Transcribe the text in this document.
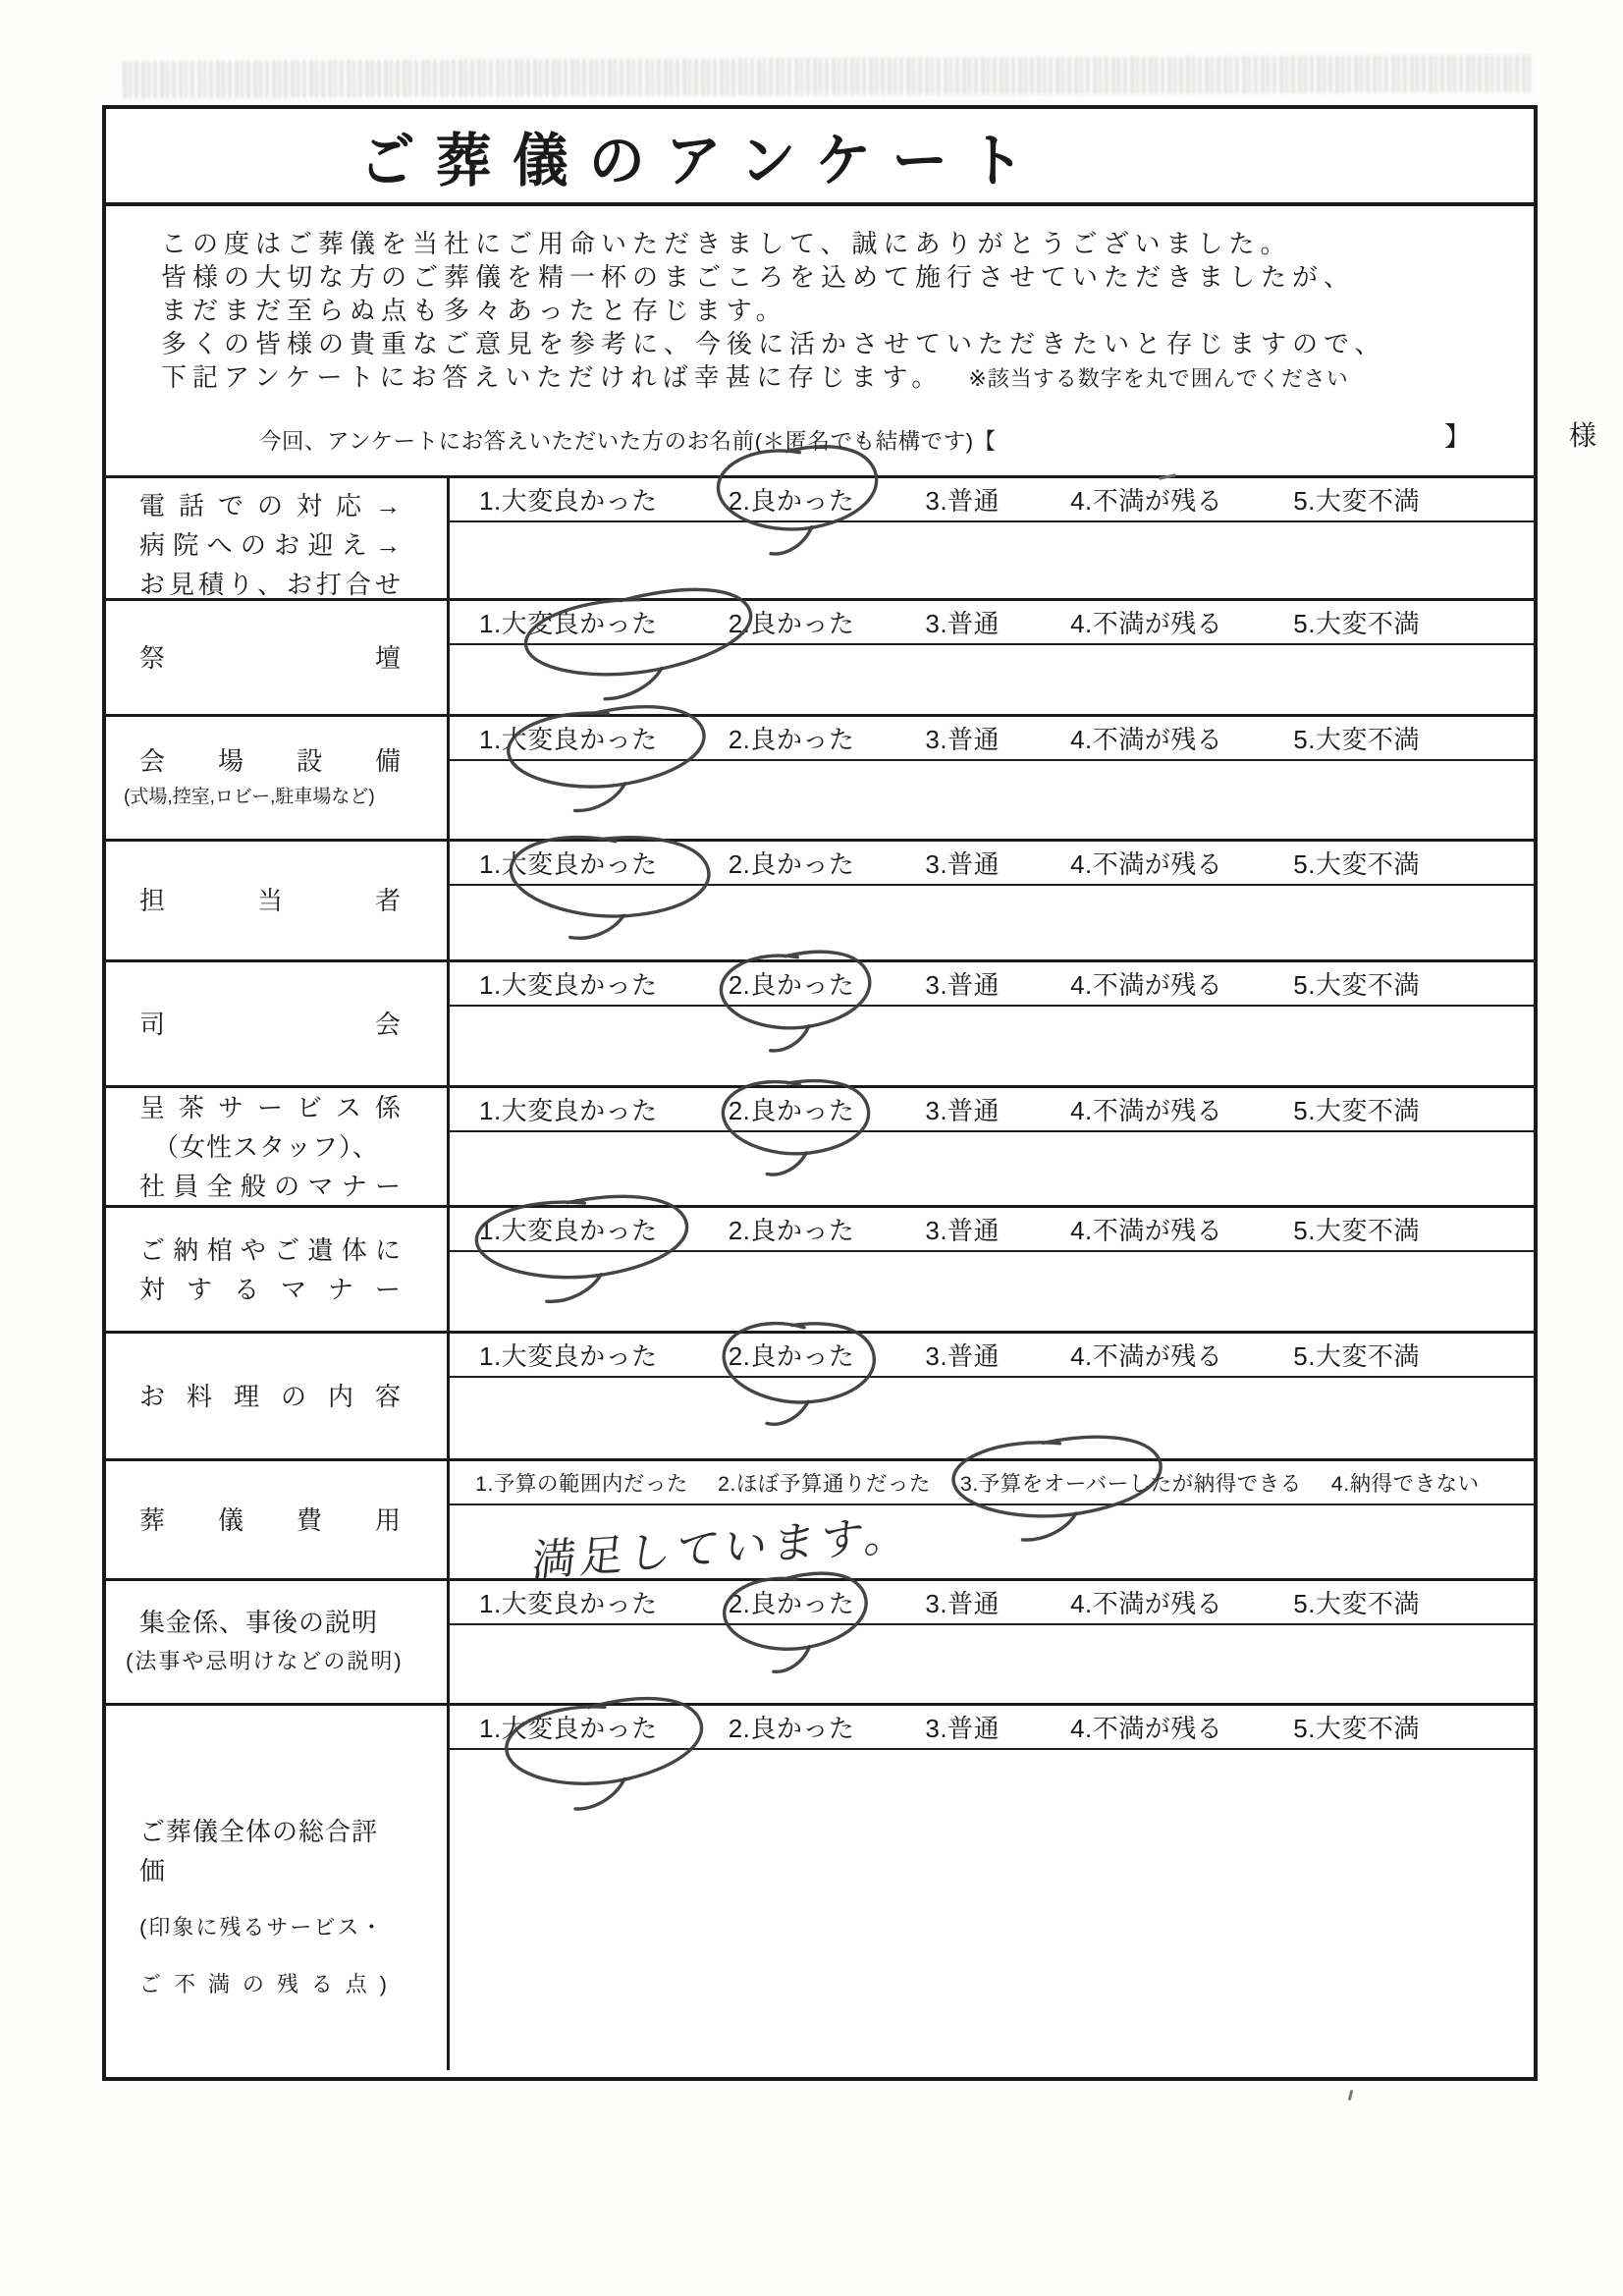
ご葬儀のアンケート
この度はご葬儀を当社にご用命いただきまして、誠にありがとうございました。
皆様の大切な方のご葬儀を精一杯のまごころを込めて施行させていただきましたが、
まだまだ至らぬ点も多々あったと存じます。
多くの皆様の貴重なご意見を参考に、今後に活かさせていただきたいと存じますので、
下記アンケートにお答えいただければ幸甚に存じます。 ※該当する数字を丸で囲んでください
今回、アンケートにお答えいただいた方のお名前(＊匿名でも結構です)【	】	様
電 話 で の 対 応 →
病 院 へ の お 迎 え →
お 見 積 り 、 お 打 合 せ
1.大変良かった	2.良かった	3.普通	4.不満が残る	5.大変不満
祭	壇
1.大変良かった	2.良かった	3.普通	4.不満が残る	5.大変不満
会 場 設 備
(式場,控室,ロビー,駐車場など)
1.大変良かった	2.良かった	3.普通	4.不満が残る	5.大変不満
担	当	者
1.大変良かった	2.良かった	3.普通	4.不満が残る	5.大変不満
司	会
1.大変良かった	2.良かった	3.普通	4.不満が残る	5.大変不満
呈 茶 サ ー ビ ス 係
（女性スタッフ）、
社 員 全 般 の マ ナ ー
1.大変良かった	2.良かった	3.普通	4.不満が残る	5.大変不満
ご 納 棺 や ご 遺 体 に
対 す る マ ナ ー
1.大変良かった	2.良かった	3.普通	4.不満が残る	5.大変不満
お 料 理 の 内 容
1.大変良かった	2.良かった	3.普通	4.不満が残る	5.大変不満
葬 儀 費 用
1.予算の範囲内だった 2.ほぼ予算通りだった 3.予算をオーバーしたが納得できる 4.納得できない
満足しています。
集金係、事後の説明
(法事や忌明けなどの説明)
1.大変良かった	2.良かった	3.普通	4.不満が残る	5.大変不満
ご葬儀全体の総合評価
(印象に残るサービス・
ご 不 満 の 残 る 点 )
1.大変良かった	2.良かった	3.普通	4.不満が残る	5.大変不満
